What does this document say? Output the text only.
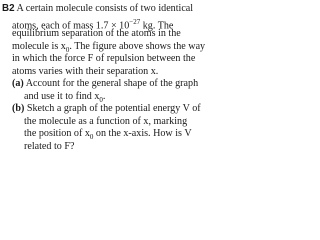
B2 A certain molecule consists of two identical
atoms, each of mass $1.7 \times 10^{-27}$ kg. The
equilibrium separation of the atoms in the
molecule is $x_0$. The figure above shows the way
in which the force F of repulsion between the
atoms varies with their separation x.
(a) Account for the general shape of the graph
and use it to find $x_0$.
(b) Sketch a graph of the potential energy V of
the molecule as a function of x, marking
the position of $x_0$ on the x-axis. How is V
related to F?
